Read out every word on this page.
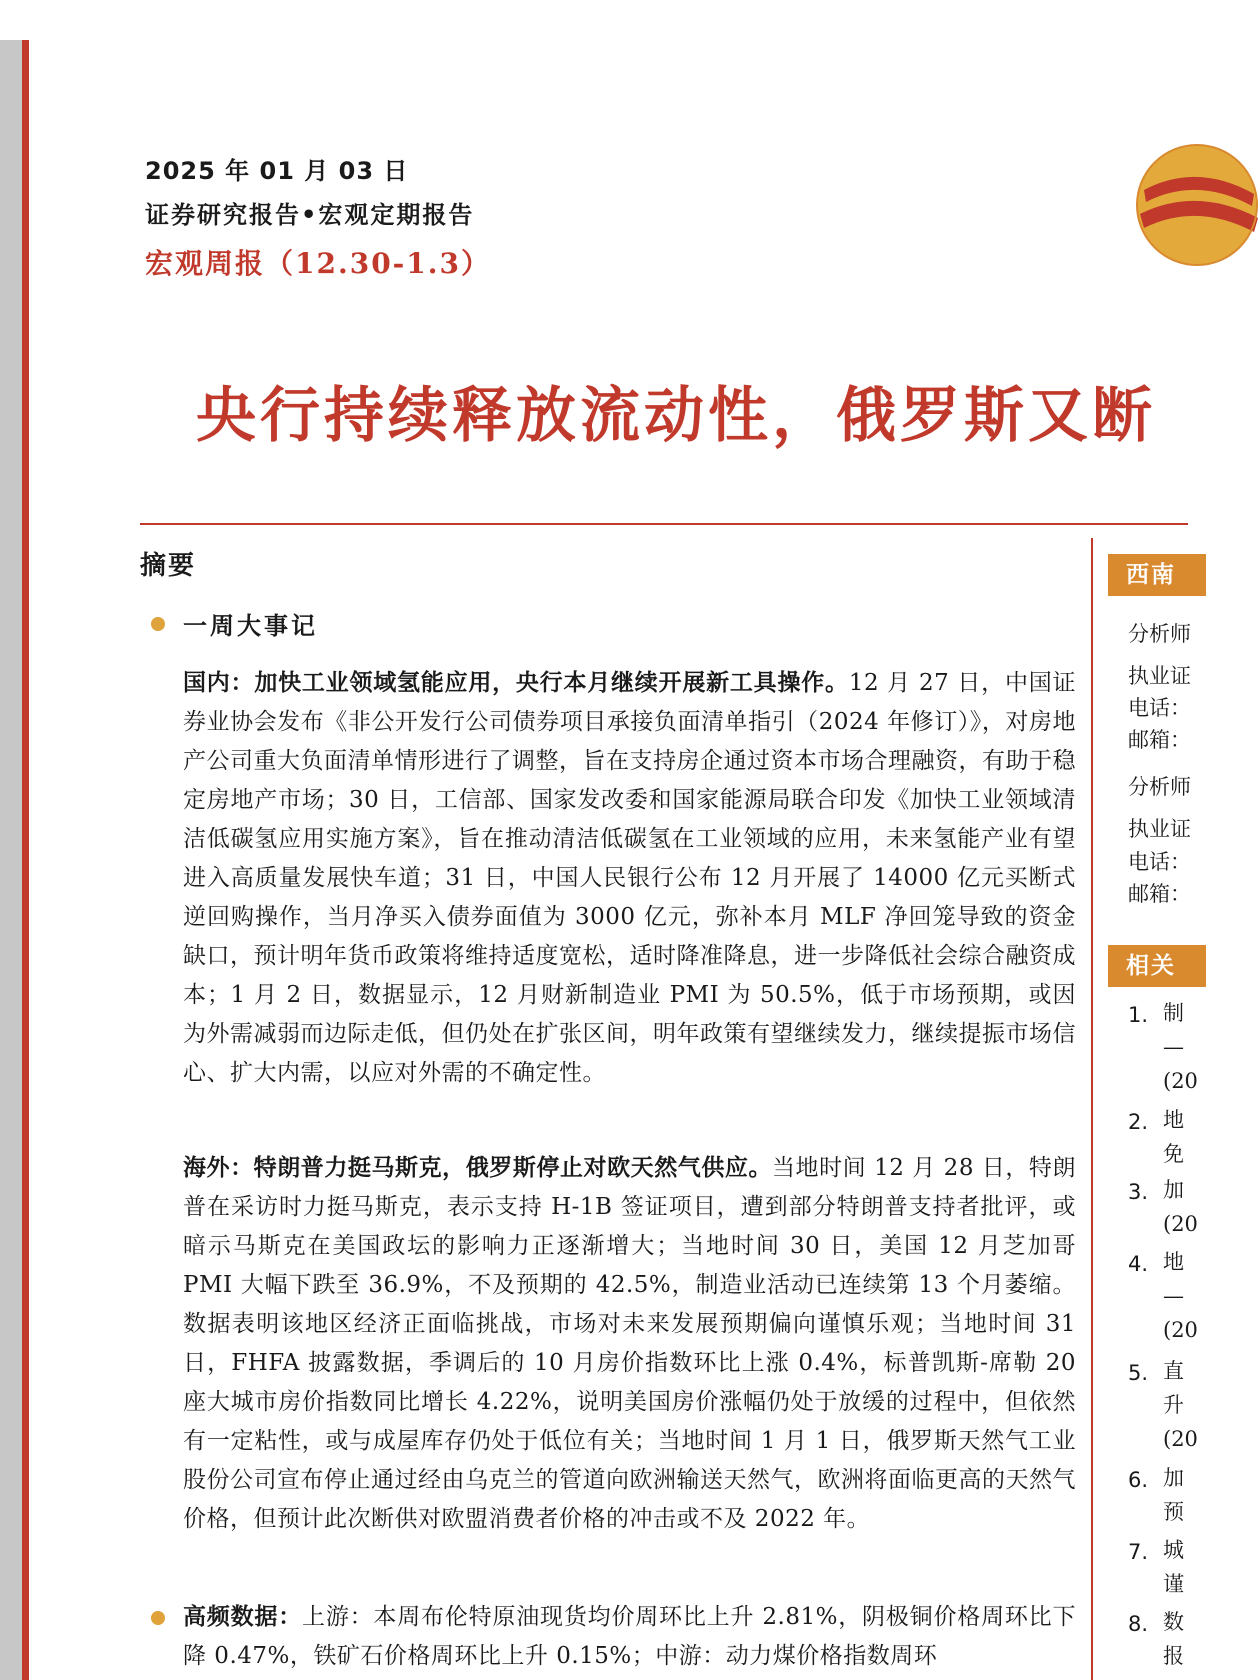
2025 年 01 月 03 日
证券研究报告•宏观定期报告
宏观周报（12.30-1.3）
央行持续释放流动性，俄罗斯又断
摘要
一周大事记

国内：加快工业领域氢能应用，央行本月继续开展新工具操作。12 月 27 日，中国证券业协会发布《非公开发行公司债券项目承接负面清单指引（2024 年修订）》，对房地产公司重大负面清单情形进行了调整，旨在支持房企通过资本市场合理融资，有助于稳定房地产市场；30 日，工信部、国家发改委和国家能源局联合印发《加快工业领域清洁低碳氢应用实施方案》，旨在推动清洁低碳氢在工业领域的应用，未来氢能产业有望进入高质量发展快车道；31 日，中国人民银行公布 12 月开展了 14000 亿元买断式逆回购操作，当月净买入债券面值为 3000 亿元，弥补本月 MLF 净回笼导致的资金缺口，预计明年货币政策将维持适度宽松，适时降准降息，进一步降低社会综合融资成本；1 月 2 日，数据显示，12 月财新制造业 PMI 为 50.5%，低于市场预期，或因为外需减弱而边际走低，但仍处在扩张区间，明年政策有望继续发力，继续提振市场信心、扩大内需，以应对外需的不确定性。

海外：特朗普力挺马斯克，俄罗斯停止对欧天然气供应。当地时间 12 月 28 日，特朗普在采访时力挺马斯克，表示支持 H-1B 签证项目，遭到部分特朗普支持者批评，或暗示马斯克在美国政坛的影响力正逐渐增大；当地时间 30 日，美国 12 月芝加哥 PMI 大幅下跌至 36.9%，不及预期的 42.5%，制造业活动已连续第 13 个月萎缩。数据表明该地区经济正面临挑战，市场对未来发展预期偏向谨慎乐观；当地时间 31 日，FHFA 披露数据，季调后的 10 月房价指数环比上涨 0.4%，标普凯斯-席勒 20 座大城市房价指数同比增长 4.22%，说明美国房价涨幅仍处于放缓的过程中，但依然有一定粘性，或与成屋库存仍处于低位有关；当地时间 1 月 1 日，俄罗斯天然气工业股份公司宣布停止通过经由乌克兰的管道向欧洲输送天然气，欧洲将面临更高的天然气价格，但预计此次断供对欧盟消费者价格的冲击或不及 2022 年。

高频数据：上游：本周布伦特原油现货均价周环比上升 2.81%，阴极铜价格周环比下降 0.47%，铁矿石价格周环比上升 0.15%；中游：动力煤价格指数周环

西南
分析师
执业证
电话：
邮箱：
分析师
执业证
电话：
邮箱：
相关
1. 制
—
(20
2. 地
免
3. 加
(20
4. 地
—
(20
5. 直
升
(20
6. 加
预
7. 城
谨
8. 数
报
